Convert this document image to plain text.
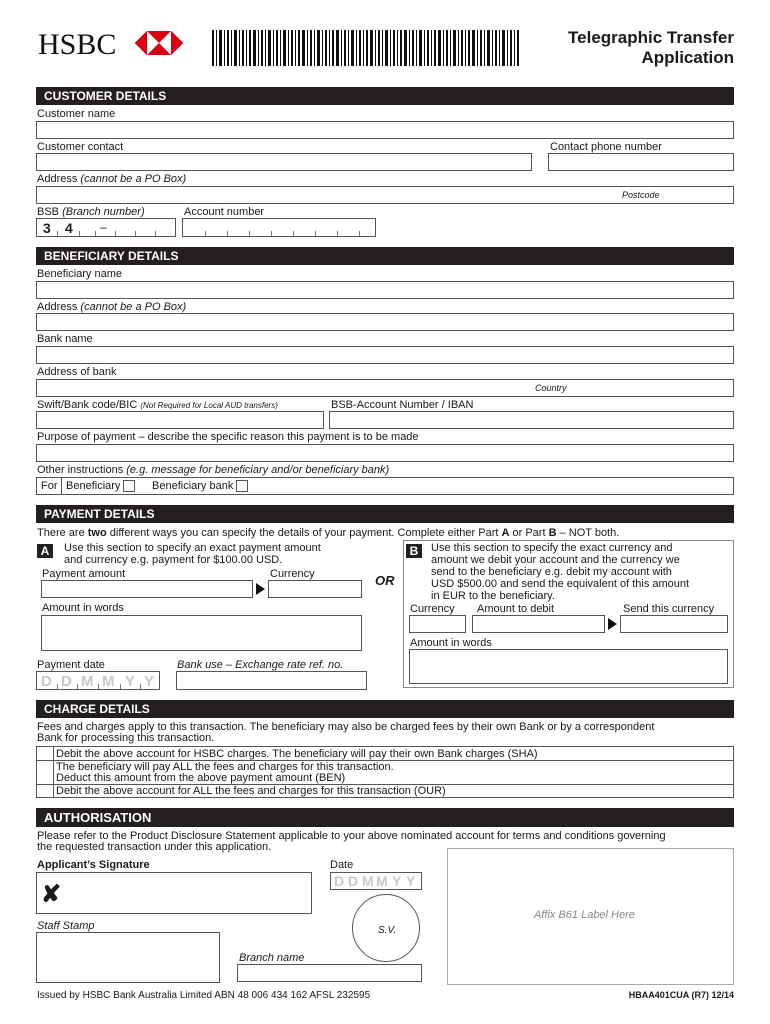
HSBC	Telegraphic Transfer
Application
CUSTOMER DETAILS
Customer name
Customer contact	Contact phone number
Address (cannot be a PO Box)
Postcode
BSB (Branch number)	Account number
3 4 –
BENEFICIARY DETAILS
Beneficiary name
Address (cannot be a PO Box)
Bank name
Address of bank
Country
Swift/Bank code/BIC (Not Required for Local AUD transfers)	BSB-Account Number / IBAN
Purpose of payment – describe the specific reason this payment is to be made
Other instructions (e.g. message for beneficiary and/or beneficiary bank)
For Beneficiary	Beneficiary bank
PAYMENT DETAILS
There are two different ways you can specify the details of your payment. Complete either Part A or Part B – NOT both.
A	Use this section to specify an exact payment amount
and currency e.g. payment for $100.00 USD.
Payment amount	Currency
Amount in words
OR
B	Use this section to specify the exact currency and
amount we debit your account and the currency we
send to the beneficiary e.g. debit my account with
USD $500.00 and send the equivalent of this amount
in EUR to the beneficiary.
Currency Amount to debit	Send this currency
Amount in words
Payment date	Bank use – Exchange rate ref. no.
D D M M Y Y
CHARGE DETAILS
Fees and charges apply to this transaction. The beneficiary may also be charged fees by their own Bank or by a correspondent
Bank for processing this transaction.
Debit the above account for HSBC charges. The beneficiary will pay their own Bank charges (SHA)
The beneficiary will pay ALL the fees and charges for this transaction.
Deduct this amount from the above payment amount (BEN)
Debit the above account for ALL the fees and charges for this transaction (OUR)
AUTHORISATION
Please refer to the Product Disclosure Statement applicable to your above nominated account for terms and conditions governing
the requested transaction under this application.
Applicant’s Signature	Date
✘	D D M M Y Y
S.V.
Affix B61 Label Here
Staff Stamp
Branch name
Issued by HSBC Bank Australia Limited ABN 48 006 434 162 AFSL 232595	HBAA401CUA (R7) 12/14
